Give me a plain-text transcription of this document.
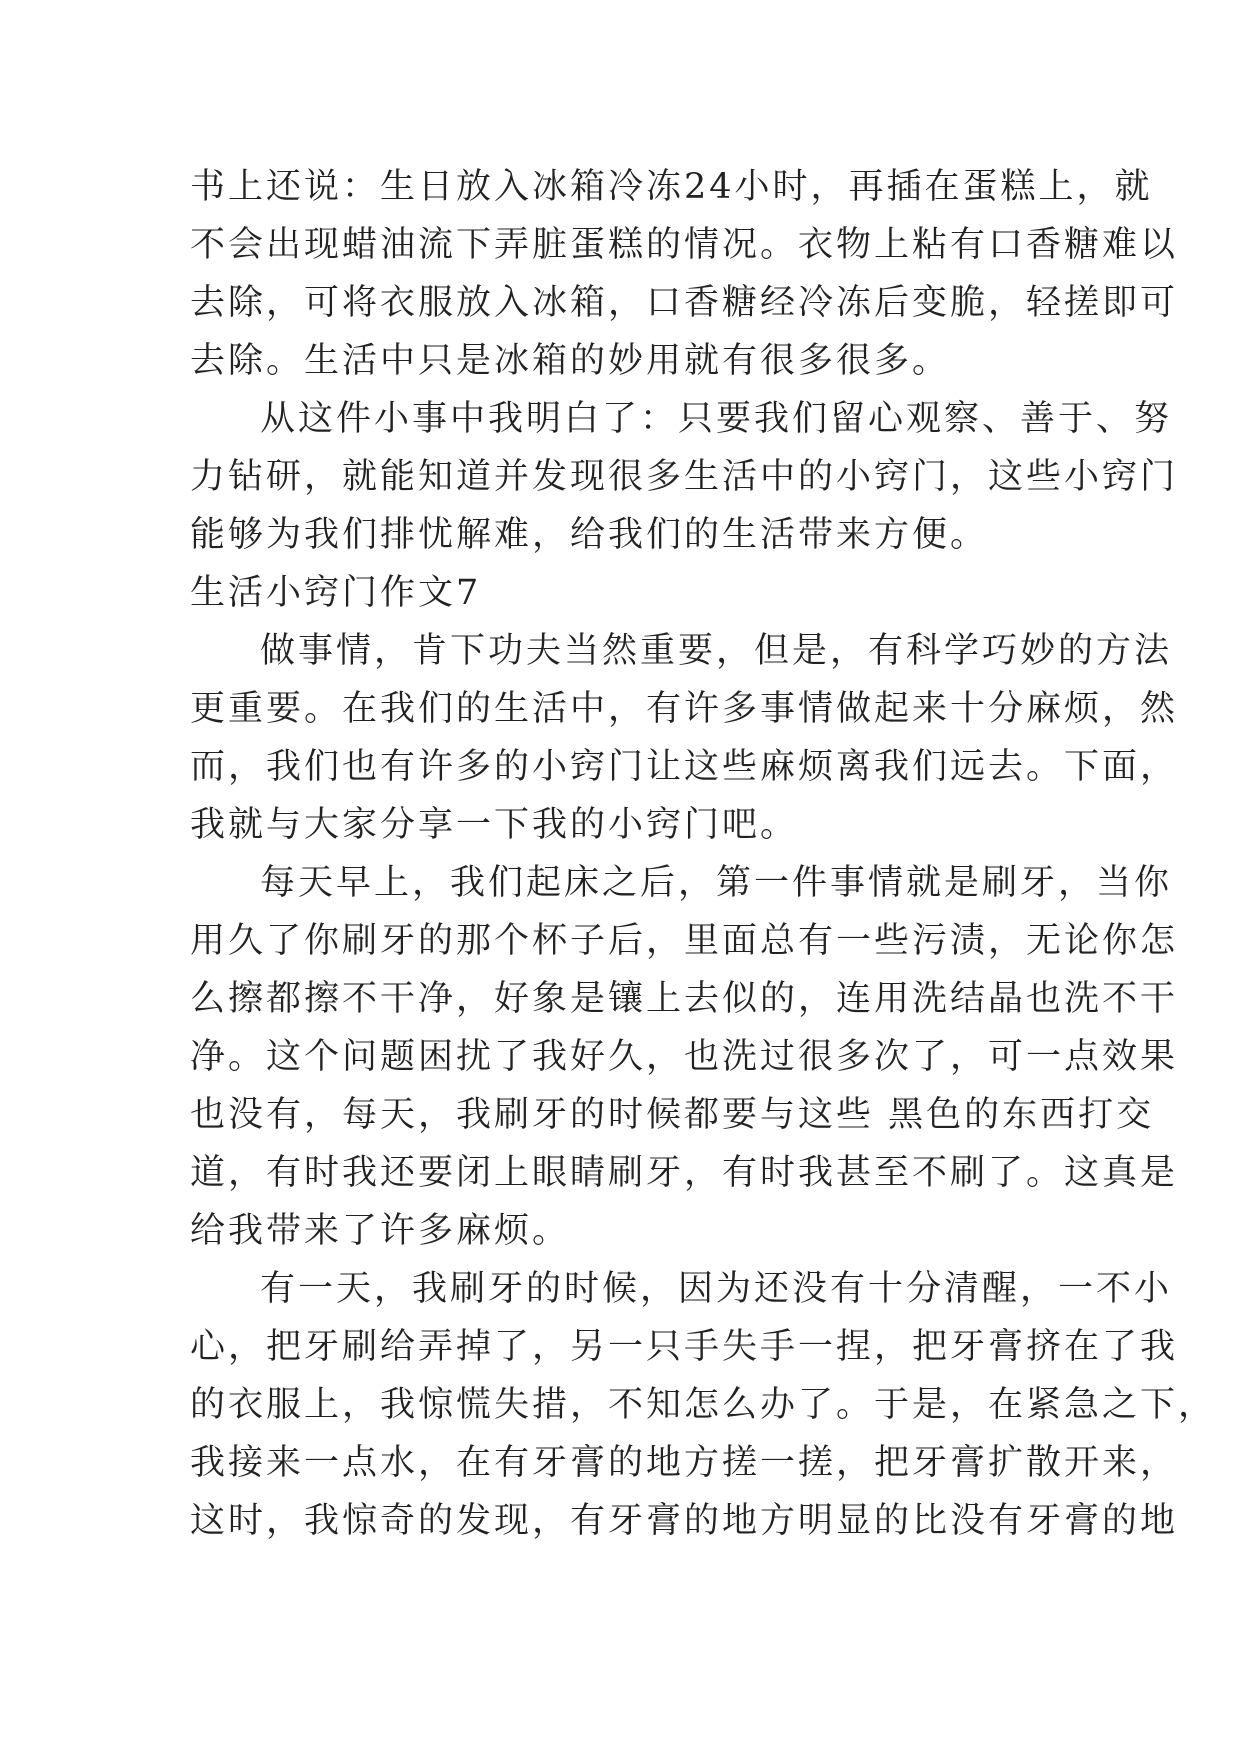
书上还说：生日放入冰箱冷冻24小时，再插在蛋糕上，就
不会出现蜡油流下弄脏蛋糕的情况。衣物上粘有口香糖难以
去除，可将衣服放入冰箱，口香糖经冷冻后变脆，轻搓即可
去除。生活中只是冰箱的妙用就有很多很多。
从这件小事中我明白了：只要我们留心观察、善于、努
力钻研，就能知道并发现很多生活中的小窍门，这些小窍门
能够为我们排忧解难，给我们的生活带来方便。
生活小窍门作文7
做事情，肯下功夫当然重要，但是，有科学巧妙的方法
更重要。在我们的生活中，有许多事情做起来十分麻烦，然
而，我们也有许多的小窍门让这些麻烦离我们远去。下面，
我就与大家分享一下我的小窍门吧。
每天早上，我们起床之后，第一件事情就是刷牙，当你
用久了你刷牙的那个杯子后，里面总有一些污渍，无论你怎
么擦都擦不干净，好象是镶上去似的，连用洗结晶也洗不干
净。这个问题困扰了我好久，也洗过很多次了，可一点效果
也没有，每天，我刷牙的时候都要与这些 黑色的东西打交
道，有时我还要闭上眼睛刷牙，有时我甚至不刷了。这真是
给我带来了许多麻烦。
有一天，我刷牙的时候，因为还没有十分清醒，一不小
心，把牙刷给弄掉了，另一只手失手一捏，把牙膏挤在了我
的衣服上，我惊慌失措，不知怎么办了。于是，在紧急之下，
我接来一点水，在有牙膏的地方搓一搓，把牙膏扩散开来，
这时，我惊奇的发现，有牙膏的地方明显的比没有牙膏的地
